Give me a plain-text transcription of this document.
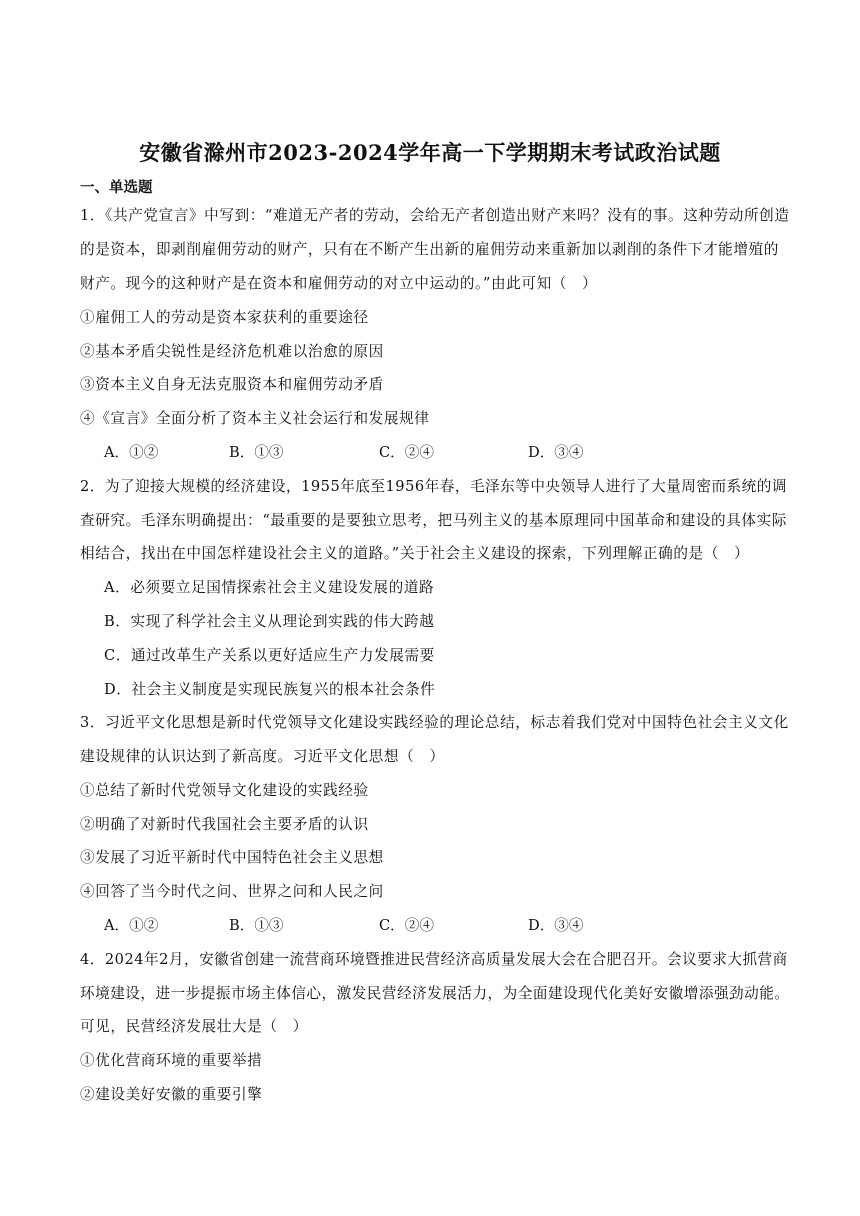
安徽省滁州市2023-2024学年高一下学期期末考试政治试题
一、单选题
1．《共产党宣言》中写到：“难道无产者的劳动，会给无产者创造出财产来吗？没有的事。这种劳动所创造
的是资本，即剥削雇佣劳动的财产，只有在不断产生出新的雇佣劳动来重新加以剥削的条件下才能增殖的
财产。现今的这种财产是在资本和雇佣劳动的对立中运动的。”由此可知（　）
①雇佣工人的劳动是资本家获利的重要途径
②基本矛盾尖锐性是经济危机难以治愈的原因
③资本主义自身无法克服资本和雇佣劳动矛盾
④《宣言》全面分析了资本主义社会运行和发展规律
A．①②	B．①③	C．②④	D．③④
2．为了迎接大规模的经济建设，1955年底至1956年春，毛泽东等中央领导人进行了大量周密而系统的调
查研究。毛泽东明确提出：“最重要的是要独立思考，把马列主义的基本原理同中国革命和建设的具体实际
相结合，找出在中国怎样建设社会主义的道路。”关于社会主义建设的探索，下列理解正确的是（　）
A．必须要立足国情探索社会主义建设发展的道路
B．实现了科学社会主义从理论到实践的伟大跨越
C．通过改革生产关系以更好适应生产力发展需要
D．社会主义制度是实现民族复兴的根本社会条件
3．习近平文化思想是新时代党领导文化建设实践经验的理论总结，标志着我们党对中国特色社会主义文化
建设规律的认识达到了新高度。习近平文化思想（　）
①总结了新时代党领导文化建设的实践经验
②明确了对新时代我国社会主要矛盾的认识
③发展了习近平新时代中国特色社会主义思想
④回答了当今时代之问、世界之问和人民之问
A．①②	B．①③	C．②④	D．③④
4．2024年2月，安徽省创建一流营商环境暨推进民营经济高质量发展大会在合肥召开。会议要求大抓营商
环境建设，进一步提振市场主体信心，激发民营经济发展活力，为全面建设现代化美好安徽增添强劲动能。
可见，民营经济发展壮大是（　）
①优化营商环境的重要举措
②建设美好安徽的重要引擎
